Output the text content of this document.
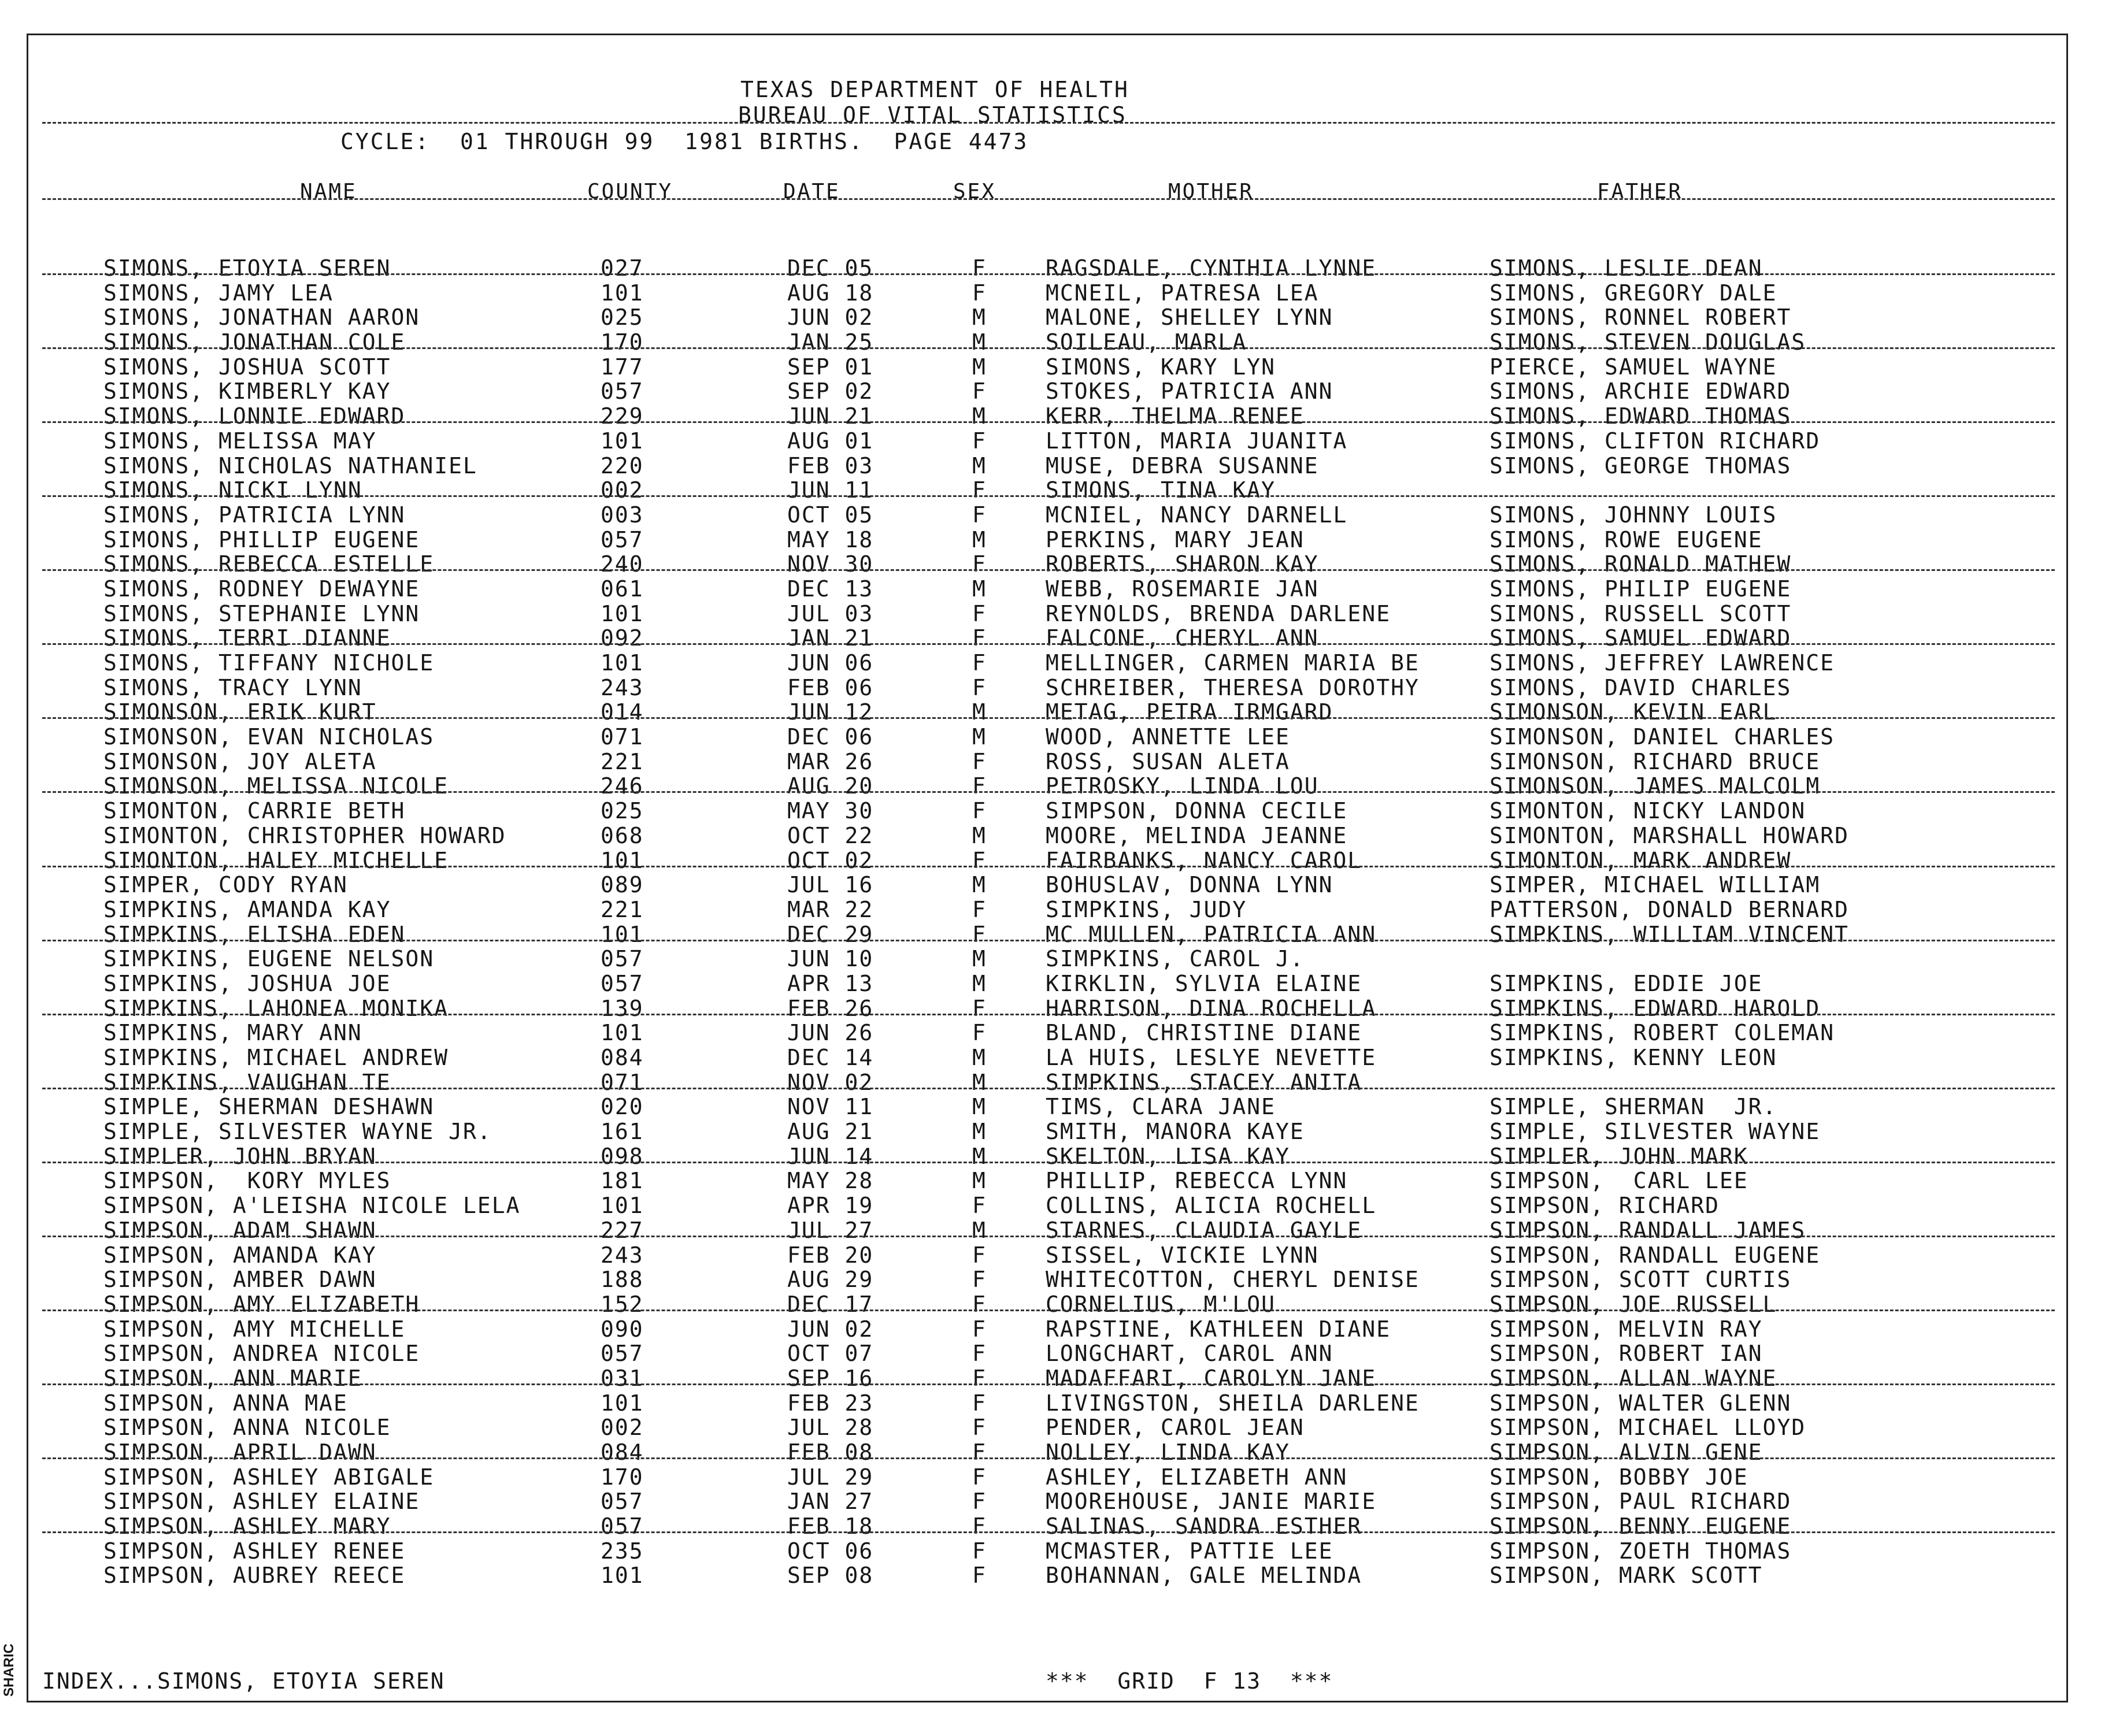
TEXAS DEPARTMENT OF HEALTH
BUREAU OF VITAL STATISTICS
CYCLE:  01 THROUGH 99  1981 BIRTHS.  PAGE 4473
NAME	COUNTY	DATE	SEX	MOTHER	FATHER
SIMONS, ETOYIA SEREN	027	DEC 05	F	RAGSDALE, CYNTHIA LYNNE	SIMONS, LESLIE DEAN
SIMONS, JAMY LEA	101	AUG 18	F	MCNEIL, PATRESA LEA	SIMONS, GREGORY DALE
SIMONS, JONATHAN AARON	025	JUN 02	M	MALONE, SHELLEY LYNN	SIMONS, RONNEL ROBERT
SIMONS, JONATHAN COLE	170	JAN 25	M	SOILEAU, MARLA	SIMONS, STEVEN DOUGLAS
SIMONS, JOSHUA SCOTT	177	SEP 01	M	SIMONS, KARY LYN	PIERCE, SAMUEL WAYNE
SIMONS, KIMBERLY KAY	057	SEP 02	F	STOKES, PATRICIA ANN	SIMONS, ARCHIE EDWARD
SIMONS, LONNIE EDWARD	229	JUN 21	M	KERR, THELMA RENEE	SIMONS, EDWARD THOMAS
SIMONS, MELISSA MAY	101	AUG 01	F	LITTON, MARIA JUANITA	SIMONS, CLIFTON RICHARD
SIMONS, NICHOLAS NATHANIEL	220	FEB 03	M	MUSE, DEBRA SUSANNE	SIMONS, GEORGE THOMAS
SIMONS, NICKI LYNN	002	JUN 11	F	SIMONS, TINA KAY
SIMONS, PATRICIA LYNN	003	OCT 05	F	MCNIEL, NANCY DARNELL	SIMONS, JOHNNY LOUIS
SIMONS, PHILLIP EUGENE	057	MAY 18	M	PERKINS, MARY JEAN	SIMONS, ROWE EUGENE
SIMONS, REBECCA ESTELLE	240	NOV 30	F	ROBERTS, SHARON KAY	SIMONS, RONALD MATHEW
SIMONS, RODNEY DEWAYNE	061	DEC 13	M	WEBB, ROSEMARIE JAN	SIMONS, PHILIP EUGENE
SIMONS, STEPHANIE LYNN	101	JUL 03	F	REYNOLDS, BRENDA DARLENE	SIMONS, RUSSELL SCOTT
SIMONS, TERRI DIANNE	092	JAN 21	F	FALCONE, CHERYL ANN	SIMONS, SAMUEL EDWARD
SIMONS, TIFFANY NICHOLE	101	JUN 06	F	MELLINGER, CARMEN MARIA BE	SIMONS, JEFFREY LAWRENCE
SIMONS, TRACY LYNN	243	FEB 06	F	SCHREIBER, THERESA DOROTHY	SIMONS, DAVID CHARLES
SIMONSON, ERIK KURT	014	JUN 12	M	METAG, PETRA IRMGARD	SIMONSON, KEVIN EARL
SIMONSON, EVAN NICHOLAS	071	DEC 06	M	WOOD, ANNETTE LEE	SIMONSON, DANIEL CHARLES
SIMONSON, JOY ALETA	221	MAR 26	F	ROSS, SUSAN ALETA	SIMONSON, RICHARD BRUCE
SIMONSON, MELISSA NICOLE	246	AUG 20	F	PETROSKY, LINDA LOU	SIMONSON, JAMES MALCOLM
SIMONTON, CARRIE BETH	025	MAY 30	F	SIMPSON, DONNA CECILE	SIMONTON, NICKY LANDON
SIMONTON, CHRISTOPHER HOWARD	068	OCT 22	M	MOORE, MELINDA JEANNE	SIMONTON, MARSHALL HOWARD
SIMONTON, HALEY MICHELLE	101	OCT 02	F	FAIRBANKS, NANCY CAROL	SIMONTON, MARK ANDREW
SIMPER, CODY RYAN	089	JUL 16	M	BOHUSLAV, DONNA LYNN	SIMPER, MICHAEL WILLIAM
SIMPKINS, AMANDA KAY	221	MAR 22	F	SIMPKINS, JUDY	PATTERSON, DONALD BERNARD
SIMPKINS, ELISHA EDEN	101	DEC 29	F	MC MULLEN, PATRICIA ANN	SIMPKINS, WILLIAM VINCENT
SIMPKINS, EUGENE NELSON	057	JUN 10	M	SIMPKINS, CAROL J.
SIMPKINS, JOSHUA JOE	057	APR 13	M	KIRKLIN, SYLVIA ELAINE	SIMPKINS, EDDIE JOE
SIMPKINS, LAHONEA MONIKA	139	FEB 26	F	HARRISON, DINA ROCHELLA	SIMPKINS, EDWARD HAROLD
SIMPKINS, MARY ANN	101	JUN 26	F	BLAND, CHRISTINE DIANE	SIMPKINS, ROBERT COLEMAN
SIMPKINS, MICHAEL ANDREW	084	DEC 14	M	LA HUIS, LESLYE NEVETTE	SIMPKINS, KENNY LEON
SIMPKINS, VAUGHAN TE	071	NOV 02	M	SIMPKINS, STACEY ANITA
SIMPLE, SHERMAN DESHAWN	020	NOV 11	M	TIMS, CLARA JANE	SIMPLE, SHERMAN  JR.
SIMPLE, SILVESTER WAYNE JR.	161	AUG 21	M	SMITH, MANORA KAYE	SIMPLE, SILVESTER WAYNE
SIMPLER, JOHN BRYAN	098	JUN 14	M	SKELTON, LISA KAY	SIMPLER, JOHN MARK
SIMPSON,  KORY MYLES	181	MAY 28	M	PHILLIP, REBECCA LYNN	SIMPSON,  CARL LEE
SIMPSON, A'LEISHA NICOLE LELA	101	APR 19	F	COLLINS, ALICIA ROCHELL	SIMPSON, RICHARD
SIMPSON, ADAM SHAWN	227	JUL 27	M	STARNES, CLAUDIA GAYLE	SIMPSON, RANDALL JAMES
SIMPSON, AMANDA KAY	243	FEB 20	F	SISSEL, VICKIE LYNN	SIMPSON, RANDALL EUGENE
SIMPSON, AMBER DAWN	188	AUG 29	F	WHITECOTTON, CHERYL DENISE	SIMPSON, SCOTT CURTIS
SIMPSON, AMY ELIZABETH	152	DEC 17	F	CORNELIUS, M'LOU	SIMPSON, JOE RUSSELL
SIMPSON, AMY MICHELLE	090	JUN 02	F	RAPSTINE, KATHLEEN DIANE	SIMPSON, MELVIN RAY
SIMPSON, ANDREA NICOLE	057	OCT 07	F	LONGCHART, CAROL ANN	SIMPSON, ROBERT IAN
SIMPSON, ANN MARIE	031	SEP 16	F	MADAFFARI, CAROLYN JANE	SIMPSON, ALLAN WAYNE
SIMPSON, ANNA MAE	101	FEB 23	F	LIVINGSTON, SHEILA DARLENE	SIMPSON, WALTER GLENN
SIMPSON, ANNA NICOLE	002	JUL 28	F	PENDER, CAROL JEAN	SIMPSON, MICHAEL LLOYD
SIMPSON, APRIL DAWN	084	FEB 08	F	NOLLEY, LINDA KAY	SIMPSON, ALVIN GENE
SIMPSON, ASHLEY ABIGALE	170	JUL 29	F	ASHLEY, ELIZABETH ANN	SIMPSON, BOBBY JOE
SIMPSON, ASHLEY ELAINE	057	JAN 27	F	MOOREHOUSE, JANIE MARIE	SIMPSON, PAUL RICHARD
SIMPSON, ASHLEY MARY	057	FEB 18	F	SALINAS, SANDRA ESTHER	SIMPSON, BENNY EUGENE
SIMPSON, ASHLEY RENEE	235	OCT 06	F	MCMASTER, PATTIE LEE	SIMPSON, ZOETH THOMAS
SIMPSON, AUBREY REECE	101	SEP 08	F	BOHANNAN, GALE MELINDA	SIMPSON, MARK SCOTT
INDEX...SIMONS, ETOYIA SEREN	***  GRID  F 13  ***
SHARIC
